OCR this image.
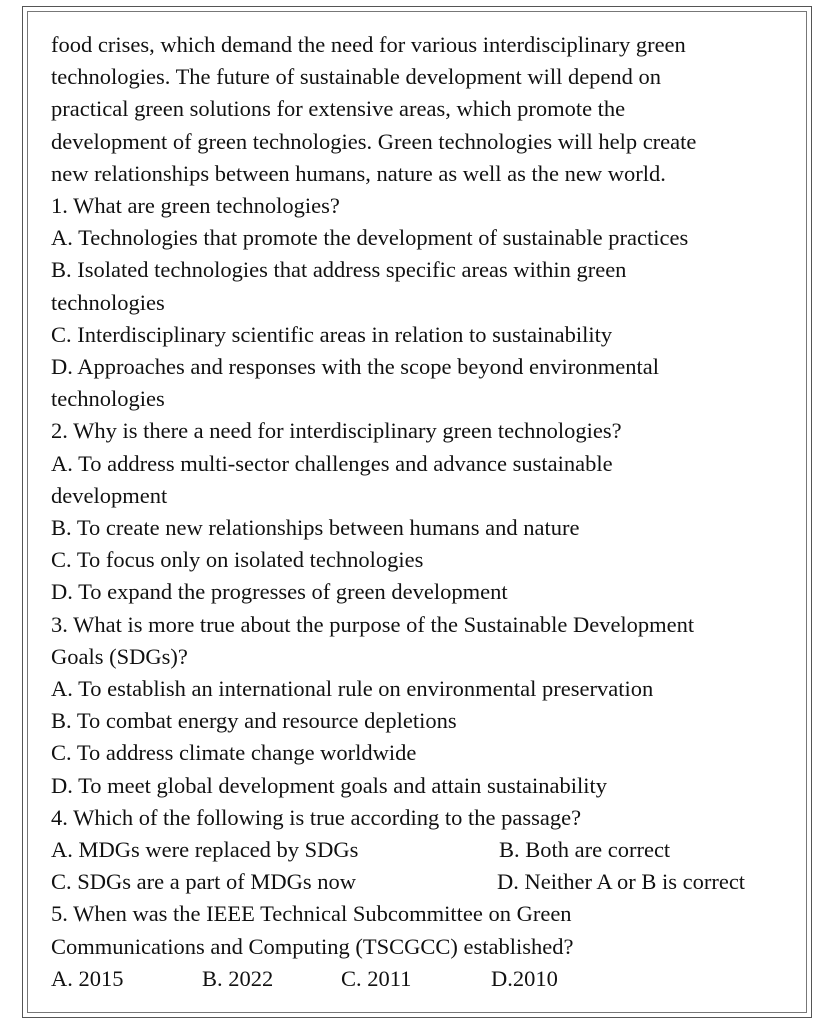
food crises, which demand the need for various interdisciplinary green

technologies. The future of sustainable development will depend on

practical green solutions for extensive areas, which promote the

development of green technologies. Green technologies will help create

new relationships between humans, nature as well as the new world.

1. What are green technologies?

A. Technologies that promote the development of sustainable practices

B. Isolated technologies that address specific areas within green

technologies

C. Interdisciplinary scientific areas in relation to sustainability

D. Approaches and responses with the scope beyond environmental

technologies

2. Why is there a need for interdisciplinary green technologies?

A. To address multi-sector challenges and advance sustainable

development

B. To create new relationships between humans and nature

C. To focus only on isolated technologies

D. To expand the progresses of green development

3. What is more true about the purpose of the Sustainable Development

Goals (SDGs)?

A. To establish an international rule on environmental preservation

B. To combat energy and resource depletions

C. To address climate change worldwide

D. To meet global development goals and attain sustainability

4. Which of the following is true according to the passage?

A. MDGs were replaced by SDGs	B. Both are correct
C. SDGs are a part of MDGs now	D. Neither A or B is correct

5. When was the IEEE Technical Subcommittee on Green

Communications and Computing (TSCGCC) established?

A. 2015	B. 2022	C. 2011	D.2010
